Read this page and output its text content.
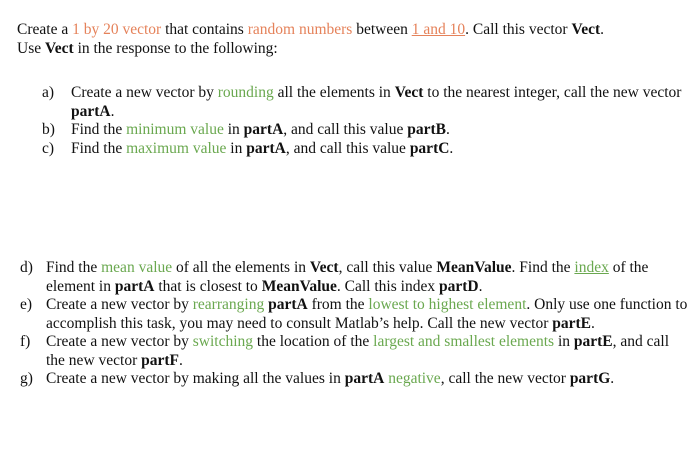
Create a 1 by 20 vector that contains random numbers between 1 and 10. Call this vector Vect.

Use Vect in the response to the following:

a) Create a new vector by rounding all the elements in Vect to the nearest integer, call the new vector partA.
b) Find the minimum value in partA, and call this value partB.
c) Find the maximum value in partA, and call this value partC.
d) Find the mean value of all the elements in Vect, call this value MeanValue. Find the index of the element in partA that is closest to MeanValue. Call this index partD.
e) Create a new vector by rearranging partA from the lowest to highest element. Only use one function to accomplish this task, you may need to consult Matlab’s help. Call the new vector partE.
f) Create a new vector by switching the location of the largest and smallest elements in partE, and call the new vector partF.
g) Create a new vector by making all the values in partA negative, call the new vector partG.
